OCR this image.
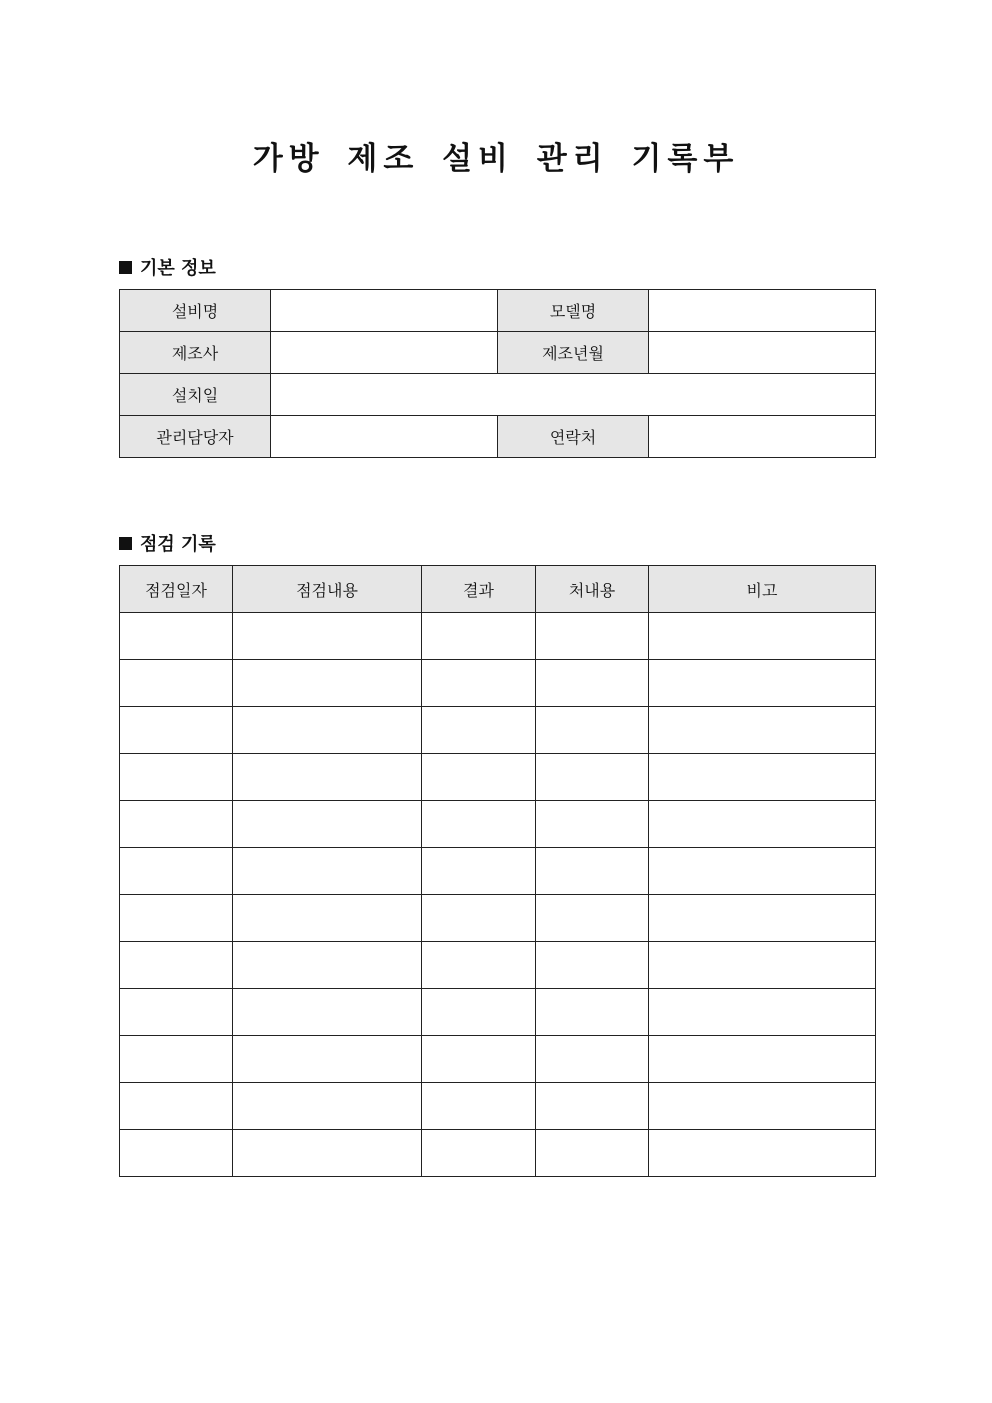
가방 제조 설비 관리 기록부
기본 정보
설비명		모델명	
제조사		제조년월	
설치일			
관리담당자		연락처	
점검 기록
점검일자	점검내용	결과	처내용	비고
